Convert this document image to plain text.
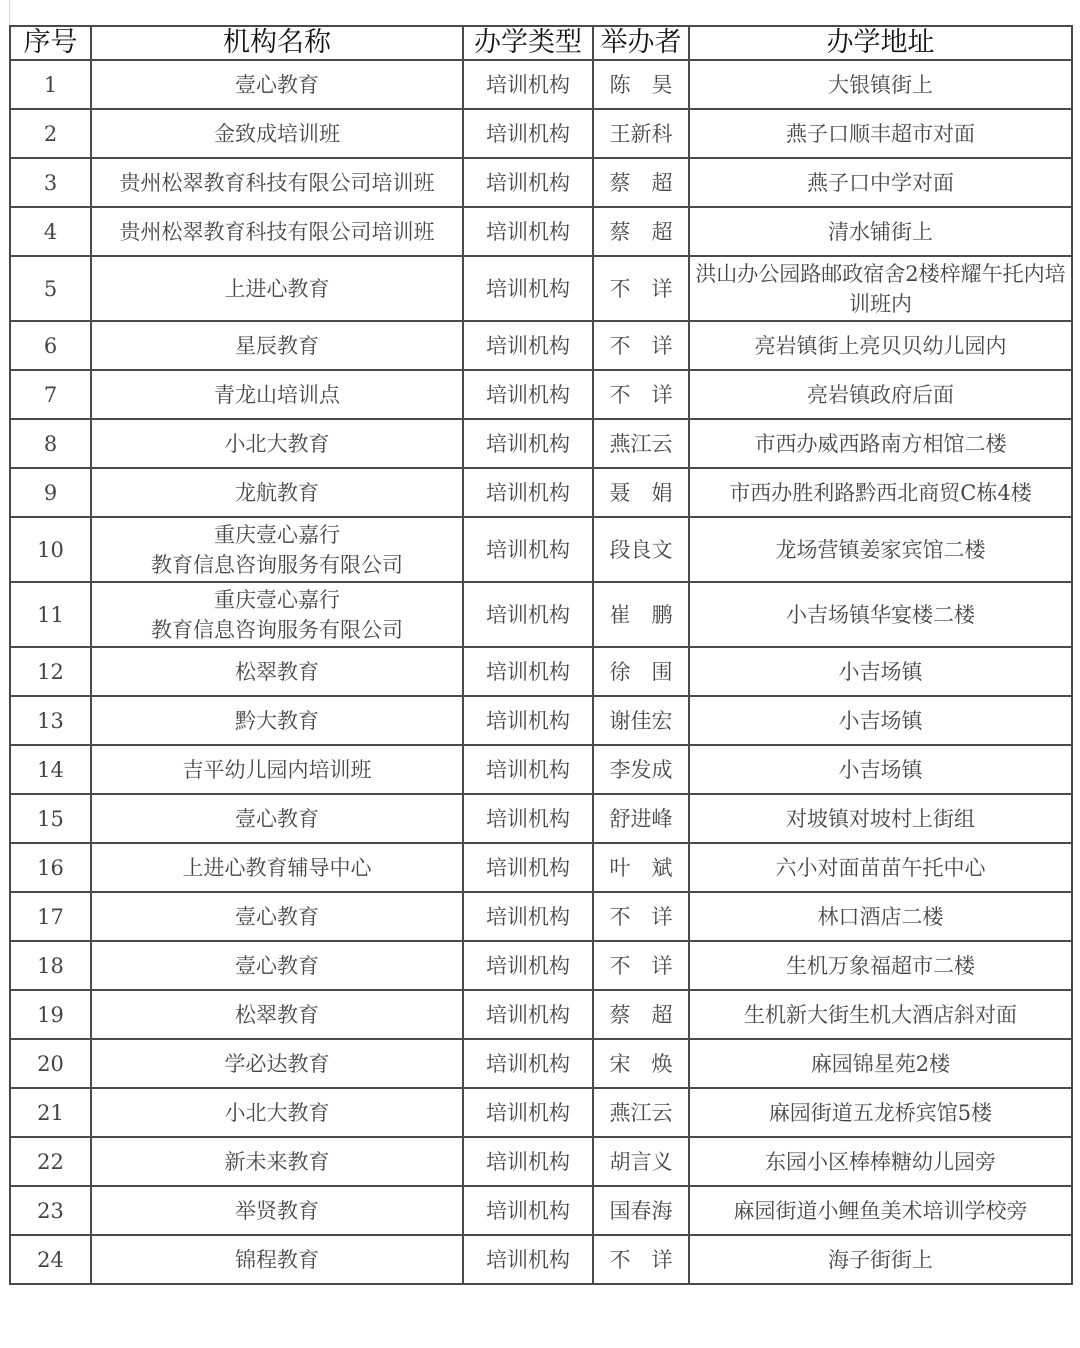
序号	机构名称	办学类型	举办者	办学地址
1	壹心教育	培训机构	陈　昊	大银镇街上
2	金致成培训班	培训机构	王新科	燕子口顺丰超市对面
3	贵州松翠教育科技有限公司培训班	培训机构	蔡　超	燕子口中学对面
4	贵州松翠教育科技有限公司培训班	培训机构	蔡　超	清水铺街上
5	上进心教育	培训机构	不　详	洪山办公园路邮政宿舍2楼梓耀午托内培训班内
6	星辰教育	培训机构	不　详	亮岩镇街上亮贝贝幼儿园内
7	青龙山培训点	培训机构	不　详	亮岩镇政府后面
8	小北大教育	培训机构	燕江云	市西办威西路南方相馆二楼
9	龙航教育	培训机构	聂　娟	市西办胜利路黔西北商贸C栋4楼
10	重庆壹心嘉行
教育信息咨询服务有限公司	培训机构	段良文	龙场营镇姜家宾馆二楼
11	重庆壹心嘉行
教育信息咨询服务有限公司	培训机构	崔　鹏	小吉场镇华宴楼二楼
12	松翠教育	培训机构	徐　围	小吉场镇
13	黔大教育	培训机构	谢佳宏	小吉场镇
14	吉平幼儿园内培训班	培训机构	李发成	小吉场镇
15	壹心教育	培训机构	舒进峰	对坡镇对坡村上街组
16	上进心教育辅导中心	培训机构	叶　斌	六小对面苗苗午托中心
17	壹心教育	培训机构	不　详	林口酒店二楼
18	壹心教育	培训机构	不　详	生机万象福超市二楼
19	松翠教育	培训机构	蔡　超	生机新大街生机大酒店斜对面
20	学必达教育	培训机构	宋　焕	麻园锦星苑2楼
21	小北大教育	培训机构	燕江云	麻园街道五龙桥宾馆5楼
22	新未来教育	培训机构	胡言义	东园小区棒棒糖幼儿园旁
23	举贤教育	培训机构	国春海	麻园街道小鲤鱼美术培训学校旁
24	锦程教育	培训机构	不　详	海子街街上
